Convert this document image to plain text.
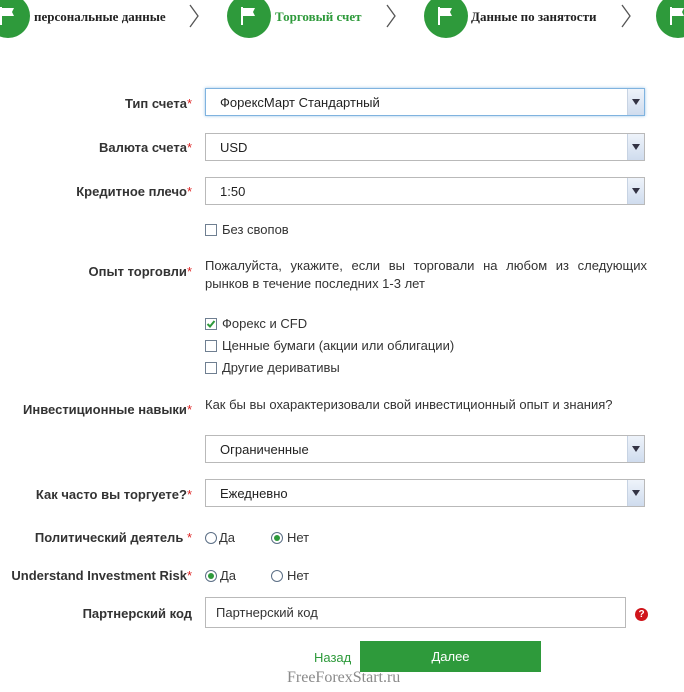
персональные данные	Торговый счет	Данные по занятости
Тип счета* ФорексМарт Стандартный
Валюта счета* USD
Кредитное плечо* 1:50
Без свопов
Опыт торговли* Пожалуйста, укажите, если вы торговали на любом из следующих рынков в течение последних 1-3 лет
Форекс и CFD
Ценные бумаги (акции или облигации)
Другие деривативы
Инвестиционные навыки* Как бы вы охарактеризовали свой инвестиционный опыт и знания?
Ограниченные
Как часто вы торгуете?* Ежедневно
Политический деятель * Да	Нет
Understand Investment Risk* Да	Нет
Партнерский код
Партнерский код	?
Назад	Далее
FreeForexStart.ru
